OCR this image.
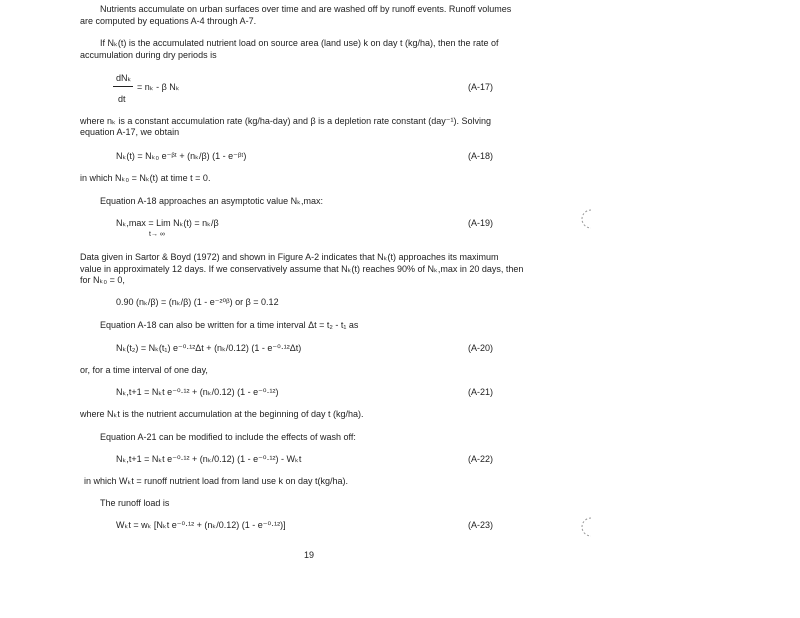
Nutrients accumulate on urban surfaces over time and are washed off by runoff events. Runoff volumes
are computed by equations A-4 through A-7.
If Nₖ(t) is the accumulated nutrient load on source area (land use) k on day t (kg/ha), then the rate of
accumulation during dry periods is
dNₖ
dt
= nₖ - β Nₖ	(A-17)
where nₖ is a constant accumulation rate (kg/ha-day) and β is a depletion rate constant (day⁻¹). Solving
equation A-17, we obtain
Nₖ(t) = Nₖ₀ e⁻ᵝᵗ + (nₖ/β) (1 - e⁻ᵝᵗ)	(A-18)
in which Nₖ₀ = Nₖ(t) at time t = 0.
Equation A-18 approaches an asymptotic value Nₖ,max:
Nₖ,max = Lim Nₖ(t) = nₖ/β
t→ ∞
(A-19)
Data given in Sartor & Boyd (1972) and shown in Figure A-2 indicates that Nₖ(t) approaches its maximum
value in approximately 12 days. If we conservatively assume that Nₖ(t) reaches 90% of Nₖ,max in 20 days, then
for Nₖ₀ = 0,
0.90 (nₖ/β) = (nₖ/β) (1 - e⁻²⁰ᵝ) or β = 0.12
Equation A-18 can also be written for a time interval Δt = t₂ - t₁ as
Nₖ(t₂) = Nₖ(t₁) e⁻⁰·¹²Δt + (nₖ/0.12) (1 - e⁻⁰·¹²Δt)	(A-20)
or, for a time interval of one day,
Nₖ,t+1 = Nₖt e⁻⁰·¹² + (nₖ/0.12) (1 - e⁻⁰·¹²)	(A-21)
where Nₖt is the nutrient accumulation at the beginning of day t (kg/ha).
Equation A-21 can be modified to include the effects of wash off:
Nₖ,t+1 = Nₖt e⁻⁰·¹² + (nₖ/0.12) (1 - e⁻⁰·¹²) - Wₖt	(A-22)
in which Wₖt = runoff nutrient load from land use k on day t(kg/ha).
The runoff load is
Wₖt = wₖ [Nₖt e⁻⁰·¹² + (nₖ/0.12) (1 - e⁻⁰·¹²)]	(A-23)
19
